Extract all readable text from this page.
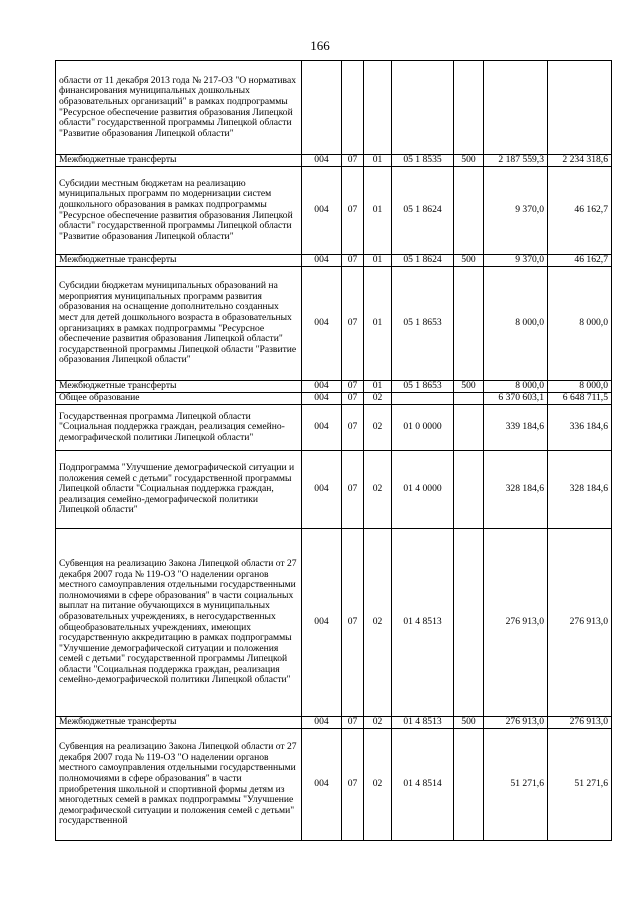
166
области от 11 декабря 2013 года № 217-ОЗ "О нормативах финансирования муниципальных дошкольных образовательных организаций" в рамках подпрограммы "Ресурсное обеспечение развития образования Липецкой области" государственной программы Липецкой области "Развитие образования Липецкой области"							
Межбюджетные трансферты	004	07	01	05 1 8535	500	2 187 559,3	2 234 318,6
Субсидии местным бюджетам на реализацию муниципальных программ по модернизации систем дошкольного образования в рамках подпрограммы "Ресурсное обеспечение развития образования Липецкой области" государственной программы Липецкой области "Развитие образования Липецкой области"	004	07	01	05 1 8624		9 370,0	46 162,7
Межбюджетные трансферты	004	07	01	05 1 8624	500	9 370,0	46 162,7
Субсидии бюджетам муниципальных образований на мероприятия муниципальных программ развития образования на оснащение дополнительно созданных мест для детей дошкольного возраста в образовательных организациях в рамках подпрограммы "Ресурсное обеспечение развития образования Липецкой области" государственной программы Липецкой области "Развитие образования Липецкой области"	004	07	01	05 1 8653		8 000,0	8 000,0
Межбюджетные трансферты	004	07	01	05 1 8653	500	8 000,0	8 000,0
Общее образование	004	07	02			6 370 603,1	6 648 711,5
Государственная программа Липецкой области "Социальная поддержка граждан, реализация семейно-демографической политики Липецкой области"	004	07	02	01 0 0000		339 184,6	336 184,6
Подпрограмма "Улучшение демографической ситуации и положения семей с детьми" государственной программы Липецкой области "Социальная поддержка граждан, реализация семейно-демографической политики Липецкой области"	004	07	02	01 4 0000		328 184,6	328 184,6
Субвенция на реализацию Закона Липецкой области от 27 декабря 2007 года № 119-ОЗ "О наделении органов местного самоуправления отдельными государственными полномочиями в сфере образования" в части социальных выплат на питание обучающихся в муниципальных образовательных учреждениях, в негосударственных общеобразовательных учреждениях, имеющих государственную аккредитацию в рамках подпрограммы "Улучшение демографической ситуации и положения семей с детьми" государственной программы Липецкой области "Социальная поддержка граждан, реализация семейно-демографической политики Липецкой области"	004	07	02	01 4 8513		276 913,0	276 913,0
Межбюджетные трансферты	004	07	02	01 4 8513	500	276 913,0	276 913,0
Субвенция на реализацию Закона Липецкой области от 27 декабря 2007 года № 119-ОЗ "О наделении органов местного самоуправления отдельными государственными полномочиями в сфере образования" в части приобретения школьной и спортивной формы детям из многодетных семей в рамках подпрограммы "Улучшение демографической ситуации и положения семей с детьми" государственной	004	07	02	01 4 8514		51 271,6	51 271,6
